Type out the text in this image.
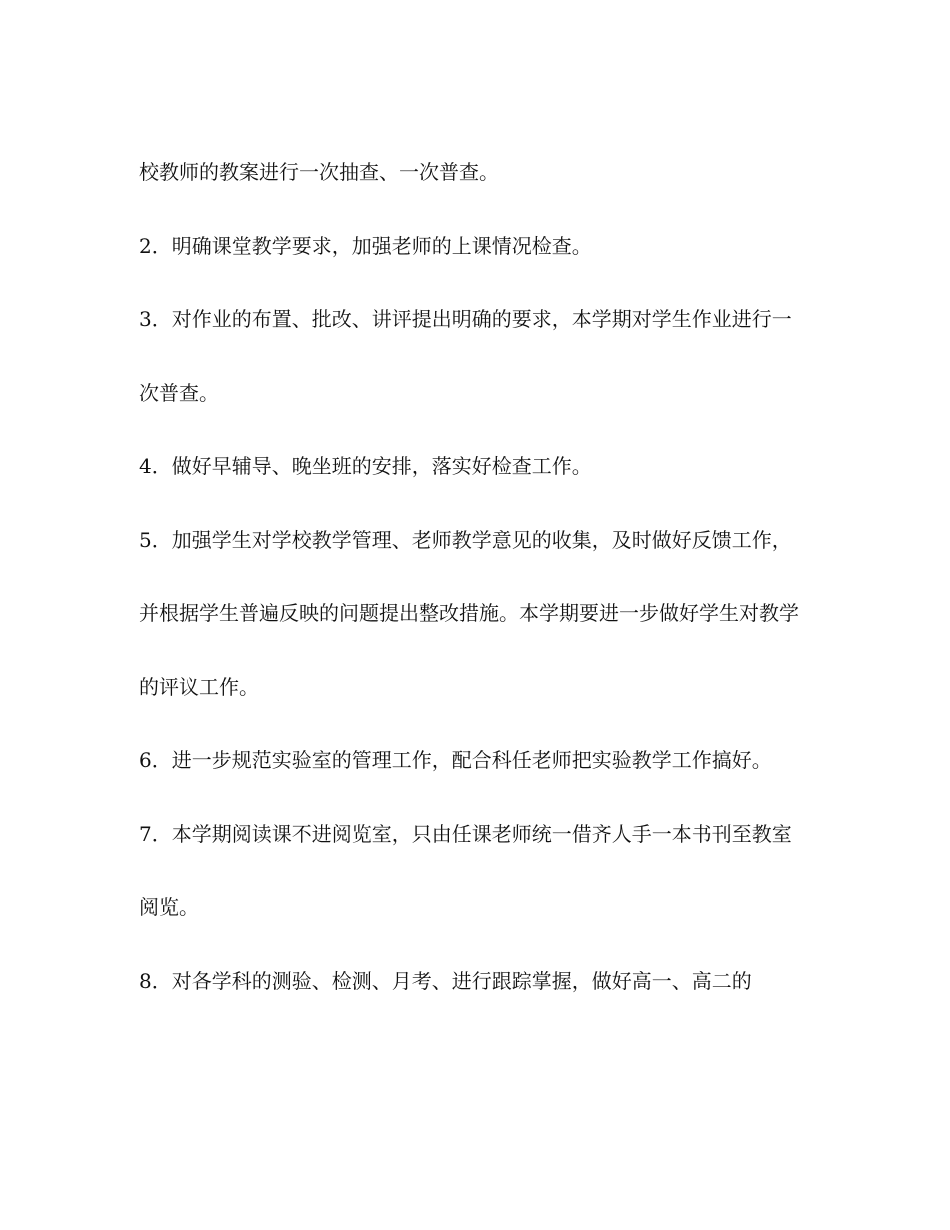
校教师的教案进行一次抽查、一次普查。

2．明确课堂教学要求，加强老师的上课情况检查。

3．对作业的布置、批改、讲评提出明确的要求，本学期对学生作业进行一次普查。

4．做好早辅导、晚坐班的安排，落实好检查工作。

5．加强学生对学校教学管理、老师教学意见的收集，及时做好反馈工作，并根据学生普遍反映的问题提出整改措施。本学期要进一步做好学生对教学的评议工作。

6．进一步规范实验室的管理工作，配合科任老师把实验教学工作搞好。

7．本学期阅读课不进阅览室，只由任课老师统一借齐人手一本书刊至教室阅览。

8．对各学科的测验、检测、月考、进行跟踪掌握，做好高一、高二的
